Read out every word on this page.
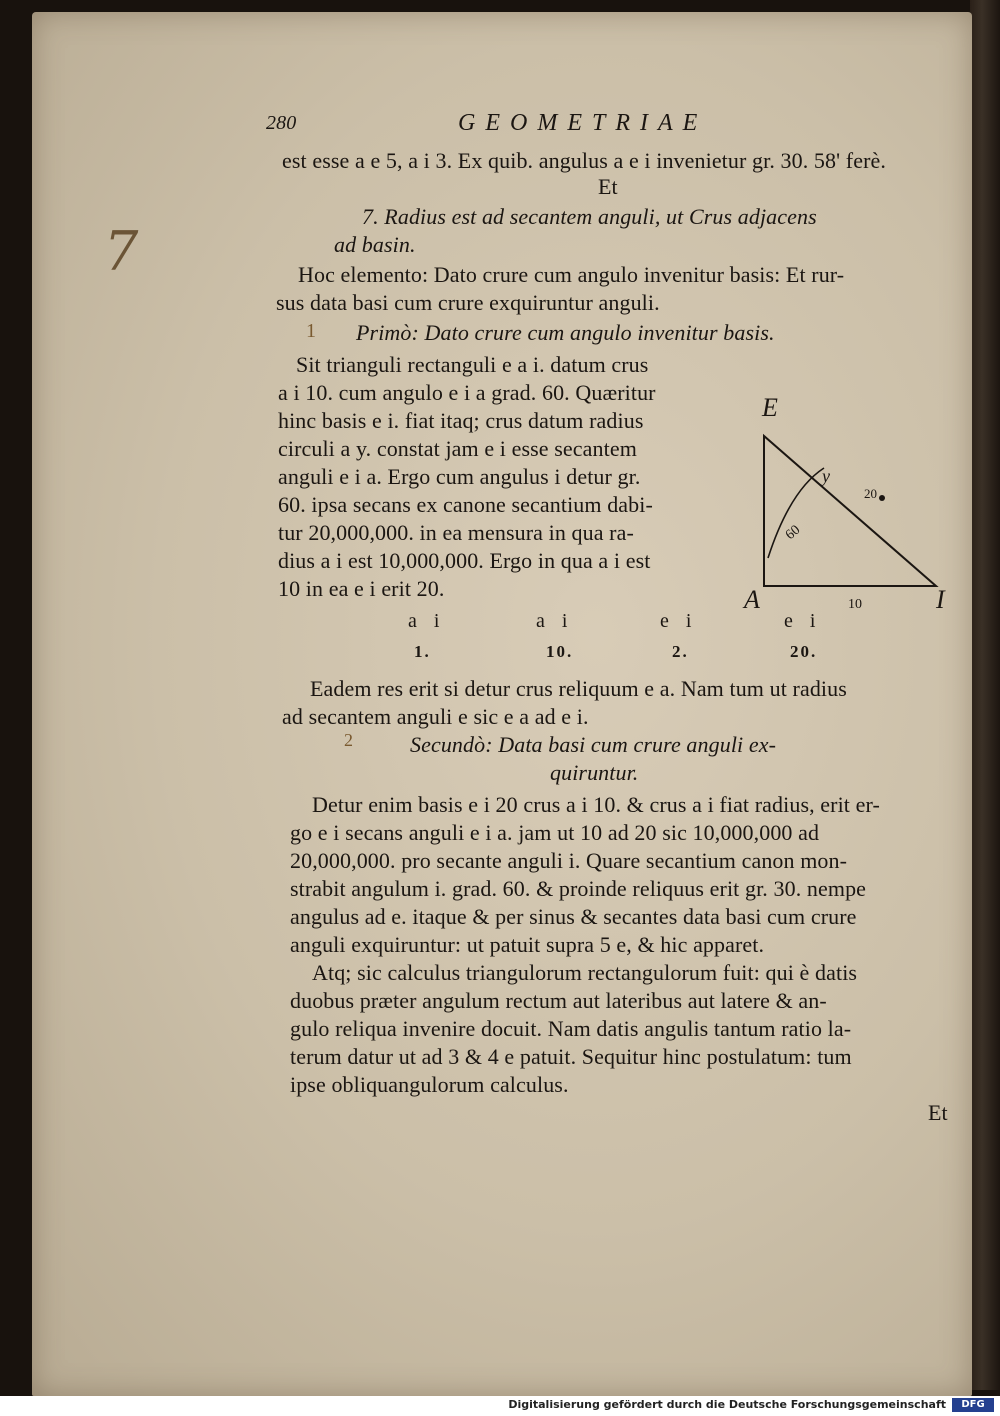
280	GEOMETRIAE
7
est esse a e 5, a i 3. Ex quib. angulus a e i invenietur gr. 30. 58' ferè.
Et
7. Radius est ad secantem anguli, ut Crus adjacens
ad basin.
Hoc elemento: Dato crure cum angulo invenitur basis: Et rur-
sus data basi cum crure exquiruntur anguli.
1 Primò: Dato crure cum angulo invenitur basis.
Sit trianguli rectanguli e a i. datum crus
a i 10. cum angulo e i a grad. 60. Quæritur
hinc basis e i. fiat itaq; crus datum radius
circuli a y. constat jam e i esse secantem
anguli e i a. Ergo cum angulus i detur gr.
60. ipsa secans ex canone secantium dabi-
tur 20,000,000. in ea mensura in qua ra-
dius a i est 10,000,000. Ergo in qua a i est
10 in ea e i erit 20.
E
A	I
y
60
20
10
a i	a i	e i	e i
1.	10.	2.	20.
Eadem res erit si detur crus reliquum e a. Nam tum ut radius
ad secantem anguli e sic e a ad e i.
2	Secundò: Data basi cum crure anguli ex-
quiruntur.
Detur enim basis e i 20 crus a i 10. & crus a i fiat radius, erit er-
go e i secans anguli e i a. jam ut 10 ad 20 sic 10,000,000 ad
20,000,000. pro secante anguli i. Quare secantium canon mon-
strabit angulum i. grad. 60. & proinde reliquus erit gr. 30. nempe
angulus ad e. itaque & per sinus & secantes data basi cum crure
anguli exquiruntur: ut patuit supra 5 e, & hic apparet.
Atq; sic calculus triangulorum rectangulorum fuit: qui è datis
duobus præter angulum rectum aut lateribus aut latere & an-
gulo reliqua invenire docuit. Nam datis angulis tantum ratio la-
terum datur ut ad 3 & 4 e patuit. Sequitur hinc postulatum: tum
ipse obliquangulorum calculus.
Et
Digitalisierung gefördert durch die Deutsche Forschungsgemeinschaft	DFG
